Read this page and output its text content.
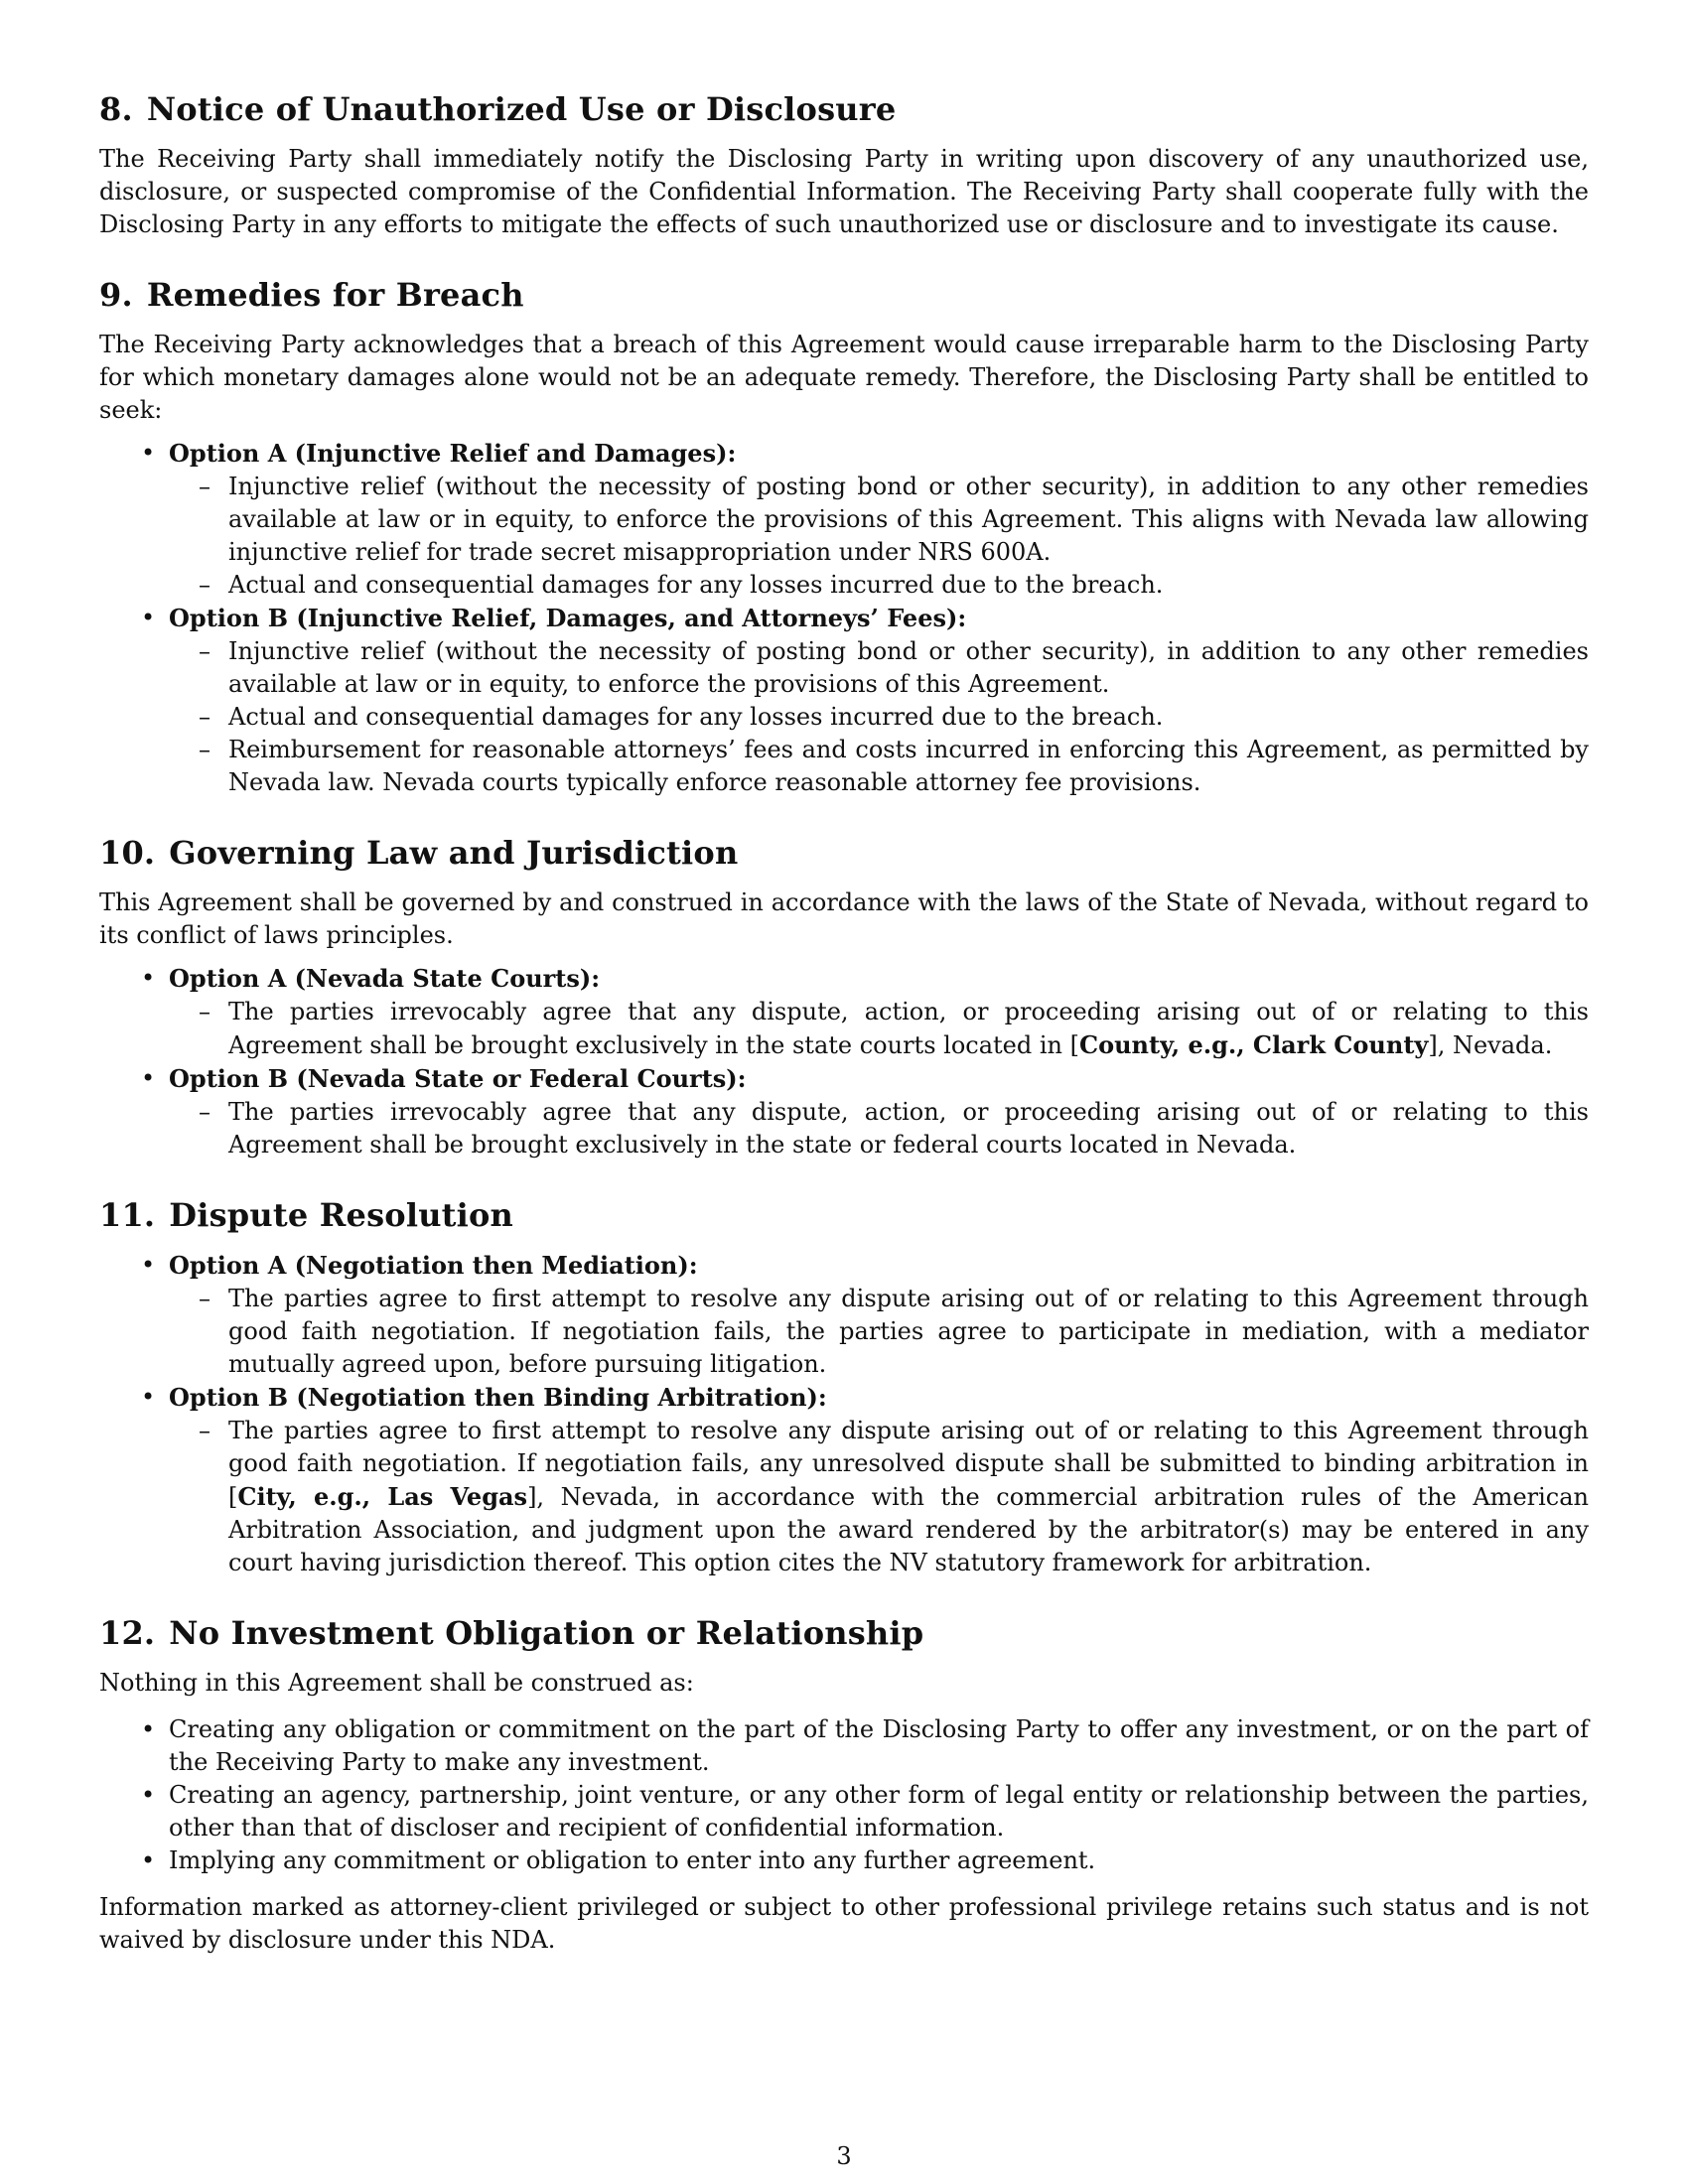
8. Notice of Unauthorized Use or Disclosure

The Receiving Party shall immediately notify the Disclosing Party in writing upon discovery of any unauthorized use, disclosure, or suspected compromise of the Confidential Information. The Receiving Party shall cooperate fully with the Disclosing Party in any efforts to mitigate the effects of such unauthorized use or disclosure and to investigate its cause.

9. Remedies for Breach

The Receiving Party acknowledges that a breach of this Agreement would cause irreparable harm to the Disclosing Party for which monetary damages alone would not be an adequate remedy. Therefore, the Disclosing Party shall be entitled to seek:

• Option A (Injunctive Relief and Damages):
– Injunctive relief (without the necessity of posting bond or other security), in addition to any other remedies available at law or in equity, to enforce the provisions of this Agreement. This aligns with Nevada law allowing injunctive relief for trade secret misappropriation under NRS 600A.
– Actual and consequential damages for any losses incurred due to the breach.
• Option B (Injunctive Relief, Damages, and Attorneys’ Fees):
– Injunctive relief (without the necessity of posting bond or other security), in addition to any other remedies available at law or in equity, to enforce the provisions of this Agreement.
– Actual and consequential damages for any losses incurred due to the breach.
– Reimbursement for reasonable attorneys’ fees and costs incurred in enforcing this Agreement, as permitted by Nevada law. Nevada courts typically enforce reasonable attorney fee provisions.
10. Governing Law and Jurisdiction

This Agreement shall be governed by and construed in accordance with the laws of the State of Nevada, without regard to its conflict of laws principles.

• Option A (Nevada State Courts):
– The parties irrevocably agree that any dispute, action, or proceeding arising out of or relating to this Agreement shall be brought exclusively in the state courts located in [County, e.g., Clark County], Nevada.
• Option B (Nevada State or Federal Courts):
– The parties irrevocably agree that any dispute, action, or proceeding arising out of or relating to this Agreement shall be brought exclusively in the state or federal courts located in Nevada.
11. Dispute Resolution
• Option A (Negotiation then Mediation):
– The parties agree to first attempt to resolve any dispute arising out of or relating to this Agreement through good faith negotiation. If negotiation fails, the parties agree to participate in mediation, with a mediator mutually agreed upon, before pursuing litigation.
• Option B (Negotiation then Binding Arbitration):
– The parties agree to first attempt to resolve any dispute arising out of or relating to this Agreement through good faith negotiation. If negotiation fails, any unresolved dispute shall be submitted to binding arbitration in [City, e.g., Las Vegas], Nevada, in accordance with the commercial arbitration rules of the American Arbitration Association, and judgment upon the award rendered by the arbitrator(s) may be entered in any court having jurisdiction thereof. This option cites the NV statutory framework for arbitration.
12. No Investment Obligation or Relationship

Nothing in this Agreement shall be construed as:

• Creating any obligation or commitment on the part of the Disclosing Party to offer any investment, or on the part of the Receiving Party to make any investment.
• Creating an agency, partnership, joint venture, or any other form of legal entity or relationship between the parties, other than that of discloser and recipient of confidential information.
• Implying any commitment or obligation to enter into any further agreement.

Information marked as attorney-client privileged or subject to other professional privilege retains such status and is not waived by disclosure under this NDA.

3
